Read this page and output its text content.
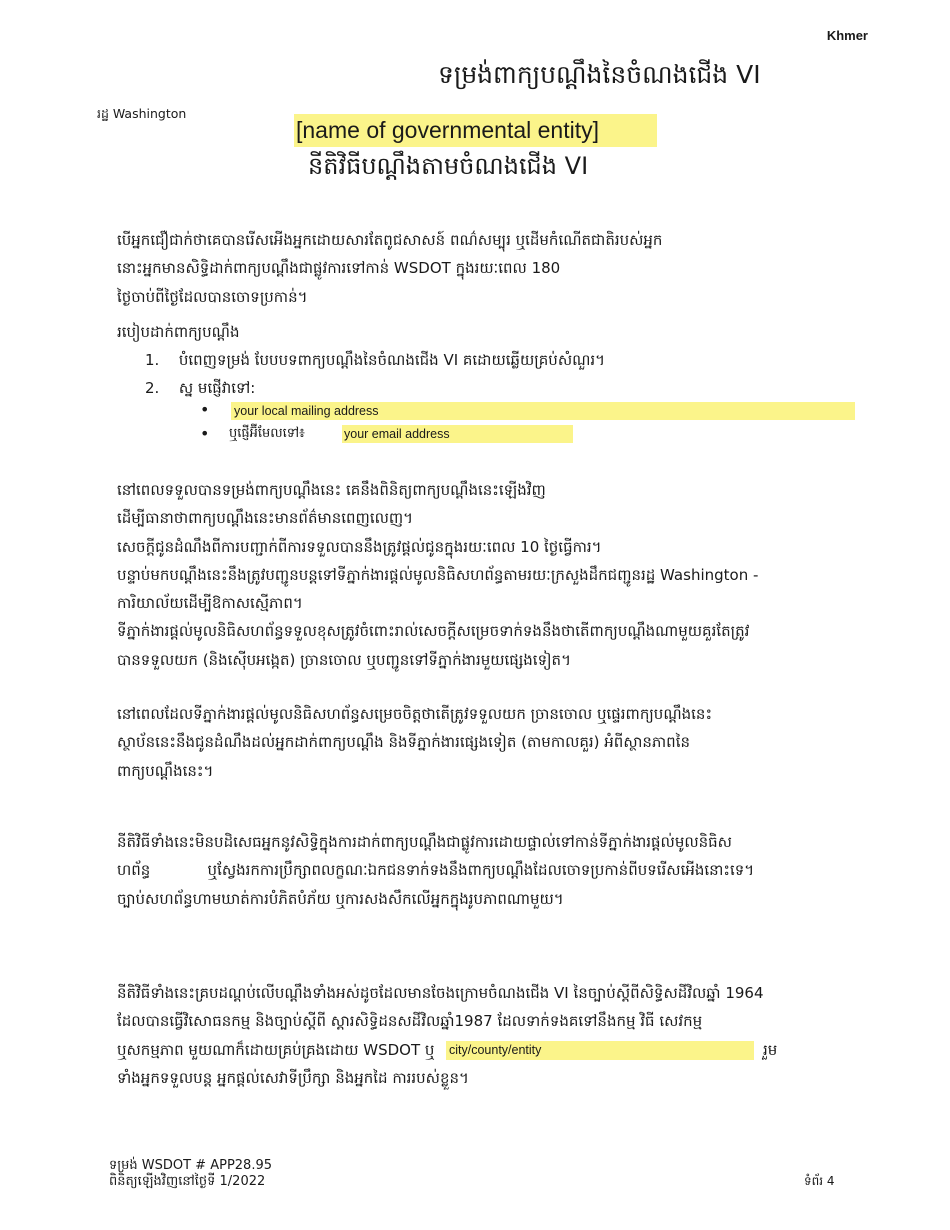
Khmer
ទម្រង់ពាក្យបណ្ដឹងនៃចំណងជើង VI
រដ្ឋ Washington
[name of governmental entity]
នីតិវិធីបណ្ដឹងតាមចំណងជើង VI
បើអ្នកជឿជាក់ថាគេបានរើសអើងអ្នកដោយសារតែពូជសាសន៍ ពណ៌សម្បុរ ឬដើមកំណើតជាតិរបស់អ្នក
នោះអ្នកមានសិទ្ធិដាក់ពាក្យបណ្ដឹងជាផ្លូវការទៅកាន់ WSDOT ក្នុងរយៈពេល 180
ថ្ងៃចាប់ពីថ្ងៃដែលបានចោទប្រកាន់។
របៀបដាក់ពាក្យបណ្ដឹង
1. បំពេញទម្រង់ បែបបទពាក្យបណ្ដឹងនៃចំណងជើង VI គដោយឆ្លើយគ្រប់សំណួរ។
2. ស្ន មផ្ញើវាទៅ:
• your local mailing address
• ឬផ្ញើអ៊ីមែលទៅ៖	your email address
នៅពេលទទួលបានទម្រង់ពាក្យបណ្ដឹងនេះ គេនឹងពិនិត្យពាក្យបណ្ដឹងនេះឡើងវិញ
ដើម្បីធានាថាពាក្យបណ្ដឹងនេះមានព័ត៌មានពេញលេញ។
សេចក្ដីជូនដំណឹងពីការបញ្ជាក់ពីការទទួលបាននឹងត្រូវផ្ដល់ជូនក្នុងរយៈពេល 10 ថ្ងៃធ្វើការ។
បន្ទាប់មកបណ្ដឹងនេះនឹងត្រូវបញ្ជូនបន្តទៅទីភ្នាក់ងារផ្ដល់មូលនិធិសហព័ន្ធតាមរយៈក្រសួងដឹកជញ្ជូនរដ្ឋ Washington -
ការិយាល័យដើម្បីឱកាសស្មើភាព។
ទីភ្នាក់ងារផ្ដល់មូលនិធិសហព័ន្ធទទួលខុសត្រូវចំពោះរាល់សេចក្ដីសម្រេចទាក់ទងនឹងថាតើពាក្យបណ្ដឹងណាមួយគួរតែត្រូវ
បានទទួលយក (និងស៊ើបអង្កេត) ច្រានចោល ឬបញ្ជូនទៅទីភ្នាក់ងារមួយផ្សេងទៀត។
នៅពេលដែលទីភ្នាក់ងារផ្ដល់មូលនិធិសហព័ន្ធសម្រេចចិត្តថាតើត្រូវទទួលយក ច្រានចោល ឬផ្ទេរពាក្យបណ្ដឹងនេះ
ស្ថាប័ននេះនឹងជូនដំណឹងដល់អ្នកដាក់ពាក្យបណ្ដឹង និងទីភ្នាក់ងារផ្សេងទៀត (តាមកាលគួរ) អំពីស្ថានភាពនៃ
ពាក្យបណ្ដឹងនេះ។
នីតិវិធីទាំងនេះមិនបដិសេធអ្នកនូវសិទ្ធិក្នុងការដាក់ពាក្យបណ្ដឹងជាផ្លូវការដោយផ្ទាល់ទៅកាន់ទីភ្នាក់ងារផ្ដល់មូលនិធិស
ហព័ន្ធ            ឬស្វែងរកការប្រឹក្សាពលក្ខណៈឯកជនទាក់ទងនឹងពាក្យបណ្ដឹងដែលចោទប្រកាន់ពីបទរើសអើងនោះទេ។
ច្បាប់សហព័ន្ធហាមឃាត់ការបំភិតបំភ័យ ឬការសងសឹកលើអ្នកក្នុងរូបភាពណាមួយ។
នីតិវិធីទាំងនេះគ្របដណ្ដប់លើបណ្ដឹងទាំងអស់ដូចដែលមានចែងក្រោមចំណងជើង VI នៃច្បាប់ស្ដីពីសិទ្ធិសដីវិលឆ្នាំ 1964
ដែលបានធ្វើវិសោធនកម្ម និងច្បាប់ស្ដីពី ស្ដារសិទ្ធិដនសដីវិលឆ្នាំ1987 ដែលទាក់ទងគទៅនឹងកម្ម វិធី សេវកម្ម
ឬសកម្មភាព មួយណាក៏ដោយគ្រប់គ្រងដោយ WSDOT ឬ city/county/entity	រួម
ទាំងអ្នកទទួលបន្ត អ្នកផ្ដល់សេវាទីប្រឹក្សា និងអ្នកដៃ ការរបស់ខ្លួន។
ទម្រង់ WSDOT # APP28.95
ពិនិត្យឡើងវិញនៅថ្ងៃទី 1/2022	ទំព័រ 4
